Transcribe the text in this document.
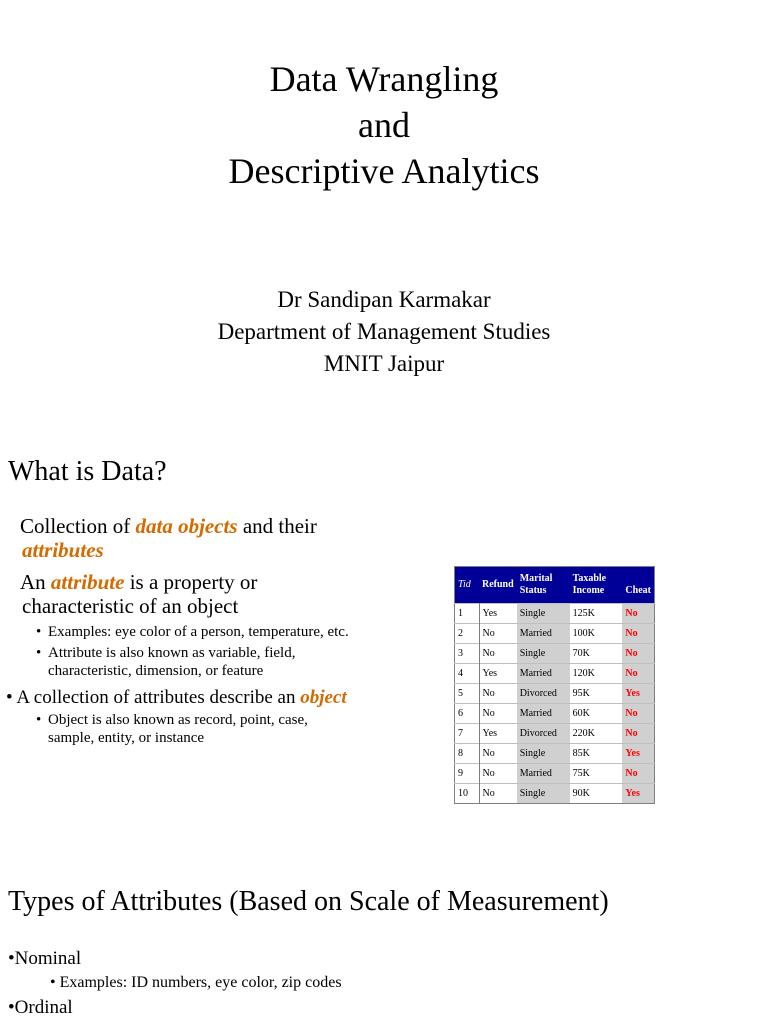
Data Wrangling
and
Descriptive Analytics
Dr Sandipan Karmakar
Department of Management Studies
MNIT Jaipur
What is Data?
Collection of data objects and their
attributes
An attribute is a property or
characteristic of an object
• Examples: eye color of a person, temperature, etc.
• Attribute is also known as variable, field, characteristic, dimension, or feature
• A collection of attributes describe an object
• Object is also known as record, point, case, sample, entity, or instance
Tid	Refund	Marital Status	Taxable Income	Cheat
1	Yes	Single	125K	No
2	No	Married	100K	No
3	No	Single	70K	No
4	Yes	Married	120K	No
5	No	Divorced	95K	Yes
6	No	Married	60K	No
7	Yes	Divorced	220K	No
8	No	Single	85K	Yes
9	No	Married	75K	No
10	No	Single	90K	Yes
Types of Attributes (Based on Scale of Measurement)
•Nominal
• Examples: ID numbers, eye color, zip codes
•Ordinal
